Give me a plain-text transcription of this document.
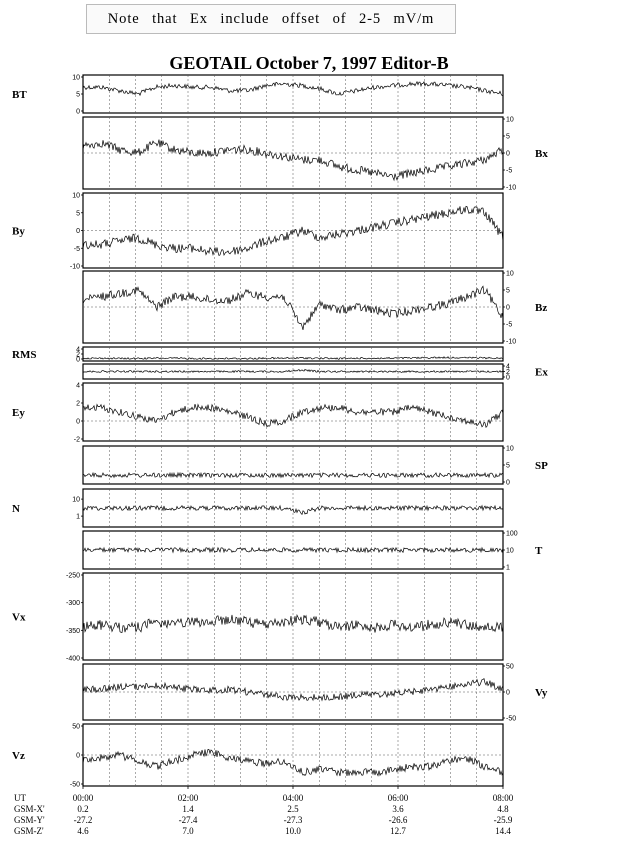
Note that Ex include offset of 2-5 mV/m
GEOTAIL October 7, 1997 Editor-B
10
5
0
BT
10
5
0
-5
-10
Bx
10
5
0
-5
-10
By
10
5
0
-5
-10
Bz
4
2
0
RMS
4
2
0 Ex
4
2
0
-2
Ey
10
5
0
SP
10
1
N
100
10
1
T
-250
-300
-350
-400
Vx
50
0
-50
Vy
50
0
-50
Vz
UT
GSM-X'
GSM-Y'
GSM-Z'
00:00
0.2
-27.2
4.6
02:00
1.4
-27.4
7.0
04:00
2.5
-27.3
10.0
06:00
3.6
-26.6
12.7
08:00
4.8
-25.9
14.4
